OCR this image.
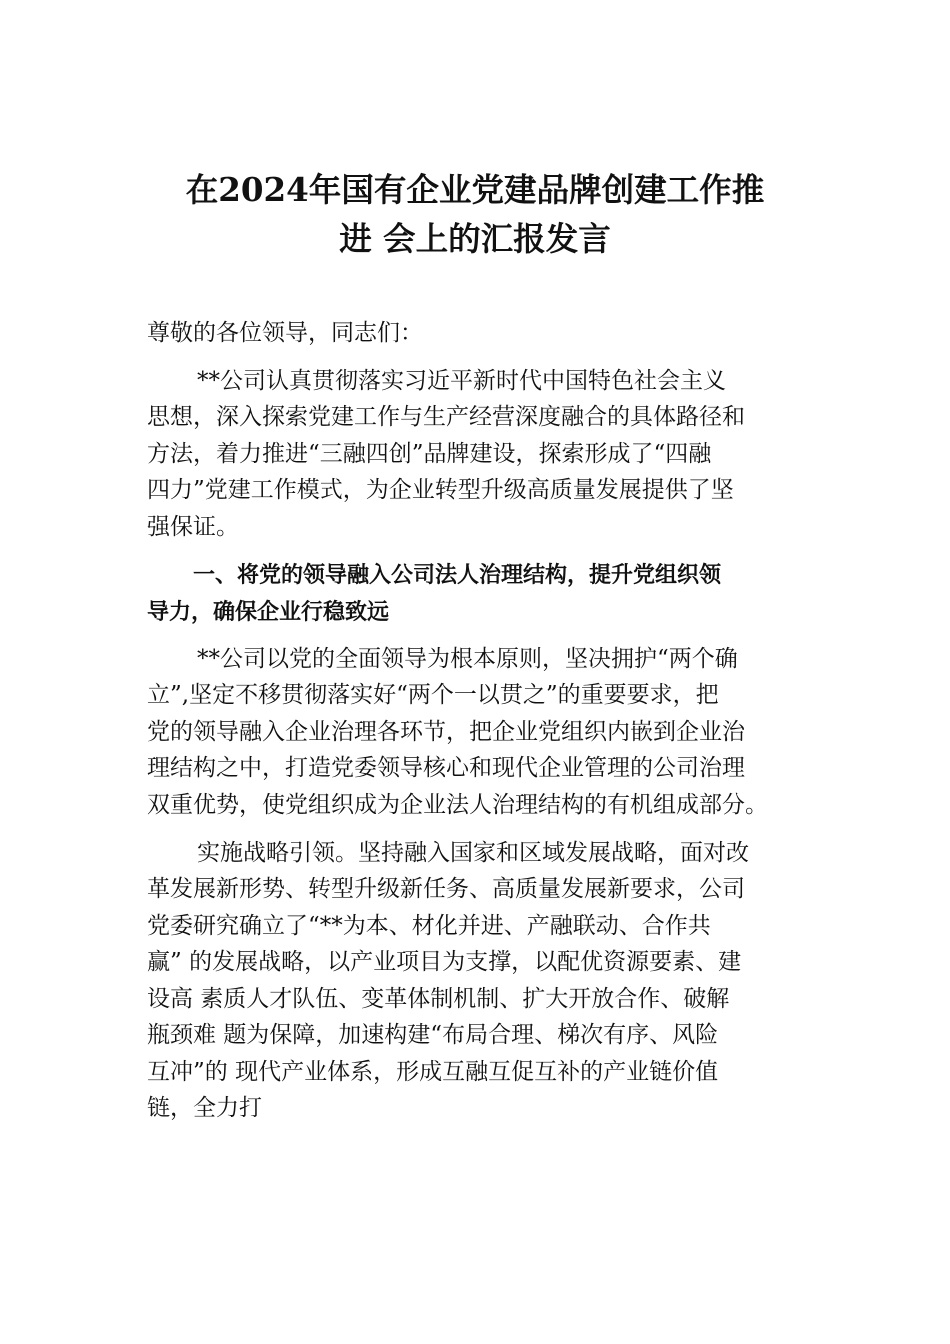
在2024年国有企业党建品牌创建工作推
进 会上的汇报发言

尊敬的各位领导，同志们：

**公司认真贯彻落实习近平新时代中国特色社会主义

思想，深入探索党建工作与生产经营深度融合的具体路径和

方法，着力推进“三融四创”品牌建设，探索形成了“四融

四力”党建工作模式，为企业转型升级高质量发展提供了坚

强保证。

一、将党的领导融入公司法人治理结构，提升党组织领

导力，确保企业行稳致远

**公司以党的全面领导为根本原则，坚决拥护“两个确

立”,坚定不移贯彻落实好“两个一以贯之”的重要要求，把

党的领导融入企业治理各环节，把企业党组织内嵌到企业治

理结构之中，打造党委领导核心和现代企业管理的公司治理

双重优势，使党组织成为企业法人治理结构的有机组成部分。

实施战略引领。坚持融入国家和区域发展战略，面对改

革发展新形势、转型升级新任务、高质量发展新要求，公司

党委研究确立了“**为本、材化并进、产融联动、合作共

赢” 的发展战略，以产业项目为支撑，以配优资源要素、建

设高 素质人才队伍、变革体制机制、扩大开放合作、破解

瓶颈难 题为保障，加速构建“布局合理、梯次有序、风险

互冲”的 现代产业体系，形成互融互促互补的产业链价值

链，全力打
